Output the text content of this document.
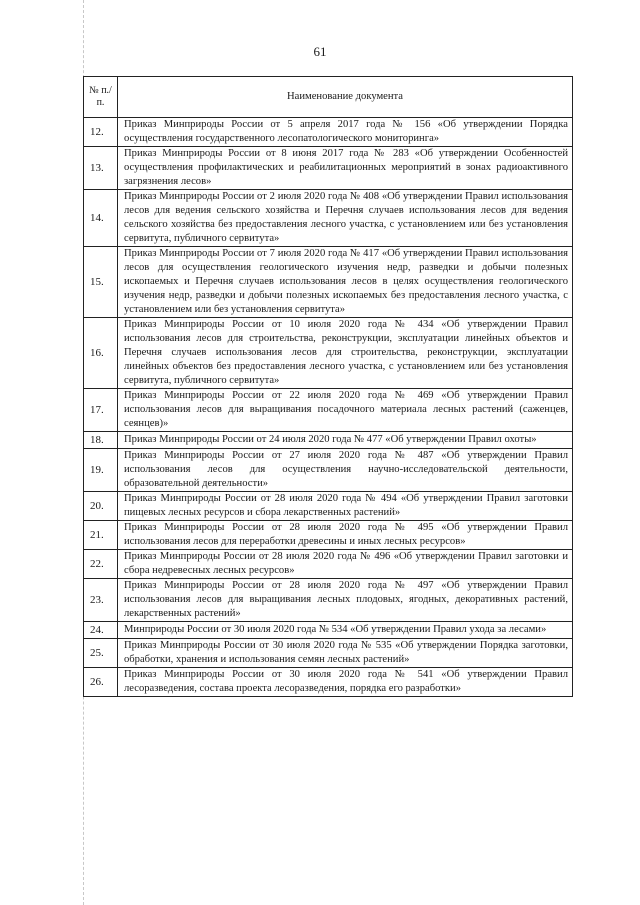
61
№ п./п.	Наименование документа
12.	Приказ Минприроды России от 5 апреля 2017 года № 156 «Об утверждении Порядка осуществления государственного лесопатологического мониторинга»
13.	Приказ Минприроды России от 8 июня 2017 года № 283 «Об утверждении Особенностей осуществления профилактических и реабилитационных мероприятий в зонах радиоактивного загрязнения лесов»
14.	Приказ Минприроды России от 2 июля 2020 года № 408 «Об утверждении Правил использования лесов для ведения сельского хозяйства и Перечня случаев использования лесов для ведения сельского хозяйства без предоставления лесного участка, с установлением или без установления сервитута, публичного сервитута»
15.	Приказ Минприроды России от 7 июля 2020 года № 417 «Об утверждении Правил использования лесов для осуществления геологического изучения недр, разведки и добычи полезных ископаемых и Перечня случаев использования лесов в целях осуществления геологического изучения недр, разведки и добычи полезных ископаемых без предоставления лесного участка, с установлением или без установления сервитута»
16.	Приказ Минприроды России от 10 июля 2020 года № 434 «Об утверждении Правил использования лесов для строительства, реконструкции, эксплуатации линейных объектов и Перечня случаев использования лесов для строительства, реконструкции, эксплуатации линейных объектов без предоставления лесного участка, с установлением или без установления сервитута, публичного сервитута»
17.	Приказ Минприроды России от 22 июля 2020 года № 469 «Об утверждении Правил использования лесов для выращивания посадочного материала лесных растений (саженцев, сеянцев)»
18.	Приказ Минприроды России от 24 июля 2020 года № 477 «Об утверждении Правил охоты»
19.	Приказ Минприроды России от 27 июля 2020 года № 487 «Об утверждении Правил использования лесов для осуществления научно-исследовательской деятельности, образовательной деятельности»
20.	Приказ Минприроды России от 28 июля 2020 года № 494 «Об утверждении Правил заготовки пищевых лесных ресурсов и сбора лекарственных растений»
21.	Приказ Минприроды России от 28 июля 2020 года № 495 «Об утверждении Правил использования лесов для переработки древесины и иных лесных ресурсов»
22.	Приказ Минприроды России от 28 июля 2020 года № 496 «Об утверждении Правил заготовки и сбора недревесных лесных ресурсов»
23.	Приказ Минприроды России от 28 июля 2020 года № 497 «Об утверждении Правил использования лесов для выращивания лесных плодовых, ягодных, декоративных растений, лекарственных растений»
24.	Минприроды России от 30 июля 2020 года № 534 «Об утверждении Правил ухода за лесами»
25.	Приказ Минприроды России от 30 июля 2020 года № 535 «Об утверждении Порядка заготовки, обработки, хранения и использования семян лесных растений»
26.	Приказ Минприроды России от 30 июля 2020 года № 541 «Об утверждении Правил лесоразведения, состава проекта лесоразведения, порядка его разработки»
